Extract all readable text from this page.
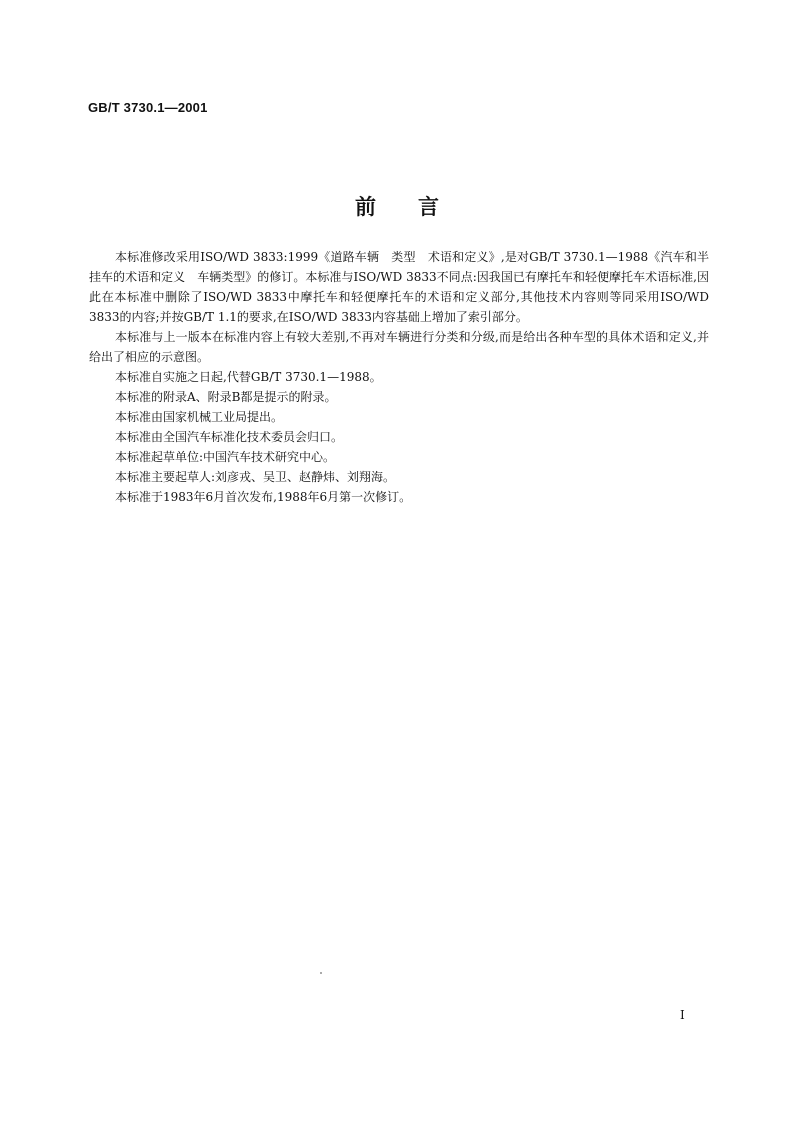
GB/T 3730.1—2001
前言

本标准修改采用ISO/WD 3833:1999《道路车辆　类型　术语和定义》,是对GB/T 3730.1—1988《汽车和半挂车的术语和定义　车辆类型》的修订。本标准与ISO/WD 3833不同点:因我国已有摩托车和轻便摩托车术语标准,因此在本标准中删除了ISO/WD 3833中摩托车和轻便摩托车的术语和定义部分,其他技术内容则等同采用ISO/WD 3833的内容;并按GB/T 1.1的要求,在ISO/WD 3833内容基础上增加了索引部分。

本标准与上一版本在标准内容上有较大差别,不再对车辆进行分类和分级,而是给出各种车型的具体术语和定义,并给出了相应的示意图。

本标准自实施之日起,代替GB/T 3730.1—1988。

本标准的附录A、附录B都是提示的附录。

本标准由国家机械工业局提出。

本标准由全国汽车标准化技术委员会归口。

本标准起草单位:中国汽车技术研究中心。

本标准主要起草人:刘彦戎、吴卫、赵静炜、刘翔海。

本标准于1983年6月首次发布,1988年6月第一次修订。

I
